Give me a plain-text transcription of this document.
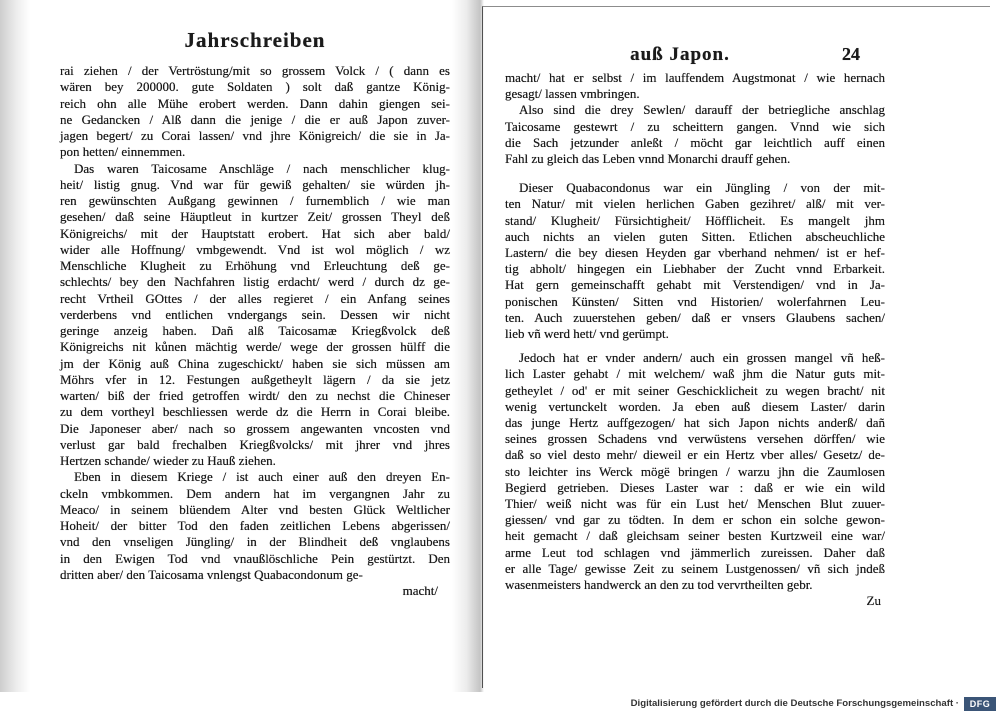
Jahrschreiben
rai ziehen / der Vertröstung/mit so grossem Volck / ( dann es
wären bey 200000. gute Soldaten ) solt daß gantze König-
reich ohn alle Mühe erobert werden. Dann dahin giengen sei-
ne Gedancken / Alß dann die jenige / die er auß Japon zuver-
jagen begert/ zu Corai lassen/ vnd jhre Königreich/ die sie in Ja-
pon hetten/ einnemmen.
Das waren Taicosame Anschläge / nach menschlicher klug-
heit/ listig gnug. Vnd war für gewiß gehalten/ sie würden jh-
ren gewünschten Außgang gewinnen / furnemblich / wie man
gesehen/ daß seine Häuptleut in kurtzer Zeit/ grossen Theyl deß
Königreichs/ mit der Hauptstatt erobert. Hat sich aber bald/
wider alle Hoffnung/ vmbgewendt. Vnd ist wol möglich / wz
Menschliche Klugheit zu Erhöhung vnd Erleuchtung deß ge-
schlechts/ bey den Nachfahren listig erdacht/ werd / durch dz ge-
recht Vrtheil GOttes / der alles regieret / ein Anfang seines
verderbens vnd entlichen vndergangs sein. Dessen wir nicht
geringe anzeig haben. Dañ alß Taicosamæ Kriegßvolck deß
Königreichs nit kůnen mächtig werde/ wege der grossen hülff die
jm der König auß China zugeschickt/ haben sie sich müssen am
Möhrs vfer in 12. Festungen außgetheylt lägern / da sie jetz
warten/ biß der fried getroffen wirdt/ den zu nechst die Chineser
zu dem vortheyl beschliessen werde dz die Herrn in Corai bleibe.
Die Japoneser aber/ nach so grossem angewanten vncosten vnd
verlust gar bald frechalben Kriegßvolcks/ mit jhrer vnd jhres
Hertzen schande/ wieder zu Hauß ziehen.
Eben in diesem Kriege / ist auch einer auß den dreyen En-
ckeln vmbkommen. Dem andern hat im vergangnen Jahr zu
Meaco/ in seinem blüendem Alter vnd besten Glück Weltlicher
Hoheit/ der bitter Tod den faden zeitlichen Lebens abgerissen/
vnd den vnseligen Jüngling/ in der Blindheit deß vnglaubens
in den Ewigen Tod vnd vnaußlöschliche Pein gestürtzt. Den
dritten aber/ den Taicosama vnlengst Quabacondonum ge-
macht/
auß Japon.	24
macht/ hat er selbst / im lauffendem Augstmonat / wie hernach
gesagt/ lassen vmbringen.
Also sind die drey Sewlen/ darauff der betriegliche anschlag
Taicosame gestewrt / zu scheittern gangen. Vnnd wie sich
die Sach jetzunder anleßt / möcht gar leichtlich auff einen
Fahl zu gleich das Leben vnnd Monarchi drauff gehen.
Dieser Quabacondonus war ein Jüngling / von der mit-
ten Natur/ mit vielen herlichen Gaben gezihret/ alß/ mit ver-
stand/ Klugheit/ Fürsichtigheit/ Höfflicheit. Es mangelt jhm
auch nichts an vielen guten Sitten. Etlichen abscheuchliche
Lastern/ die bey diesen Heyden gar vberhand nehmen/ ist er hef-
tig abholt/ hingegen ein Liebhaber der Zucht vnnd Erbarkeit.
Hat gern gemeinschafft gehabt mit Verstendigen/ vnd in Ja-
ponischen Künsten/ Sitten vnd Historien/ wolerfahrnen Leu-
ten. Auch zuuerstehen geben/ daß er vnsers Glaubens sachen/
lieb vñ werd hett/ vnd gerümpt.
Jedoch hat er vnder andern/ auch ein grossen mangel vñ heß-
lich Laster gehabt / mit welchem/ waß jhm die Natur guts mit-
getheylet / od' er mit seiner Geschicklicheit zu wegen bracht/ nit
wenig vertunckelt worden. Ja eben auß diesem Laster/ darin
das junge Hertz auffgezogen/ hat sich Japon nichts anderß/ dañ
seines grossen Schadens vnd verwüstens versehen dörffen/ wie
daß so viel desto mehr/ dieweil er ein Hertz vber alles/ Gesetz/ de-
sto leichter ins Werck mögë bringen / warzu jhn die Zaumlosen
Begierd getrieben. Dieses Laster war : daß er wie ein wild
Thier/ weiß nicht was für ein Lust het/ Menschen Blut zuuer-
giessen/ vnd gar zu tödten. In dem er schon ein solche gewon-
heit gemacht / daß gleichsam seiner besten Kurtzweil eine war/
arme Leut tod schlagen vnd jämmerlich zureissen. Daher daß
er alle Tage/ gewisse Zeit zu seinem Lustgenossen/ vñ sich jndeß
wasenmeisters handwerck an den zu tod vervrtheilten gebr.
Zu
Digitalisierung gefördert durch die Deutsche Forschungsgemeinschaft ·	DFG
